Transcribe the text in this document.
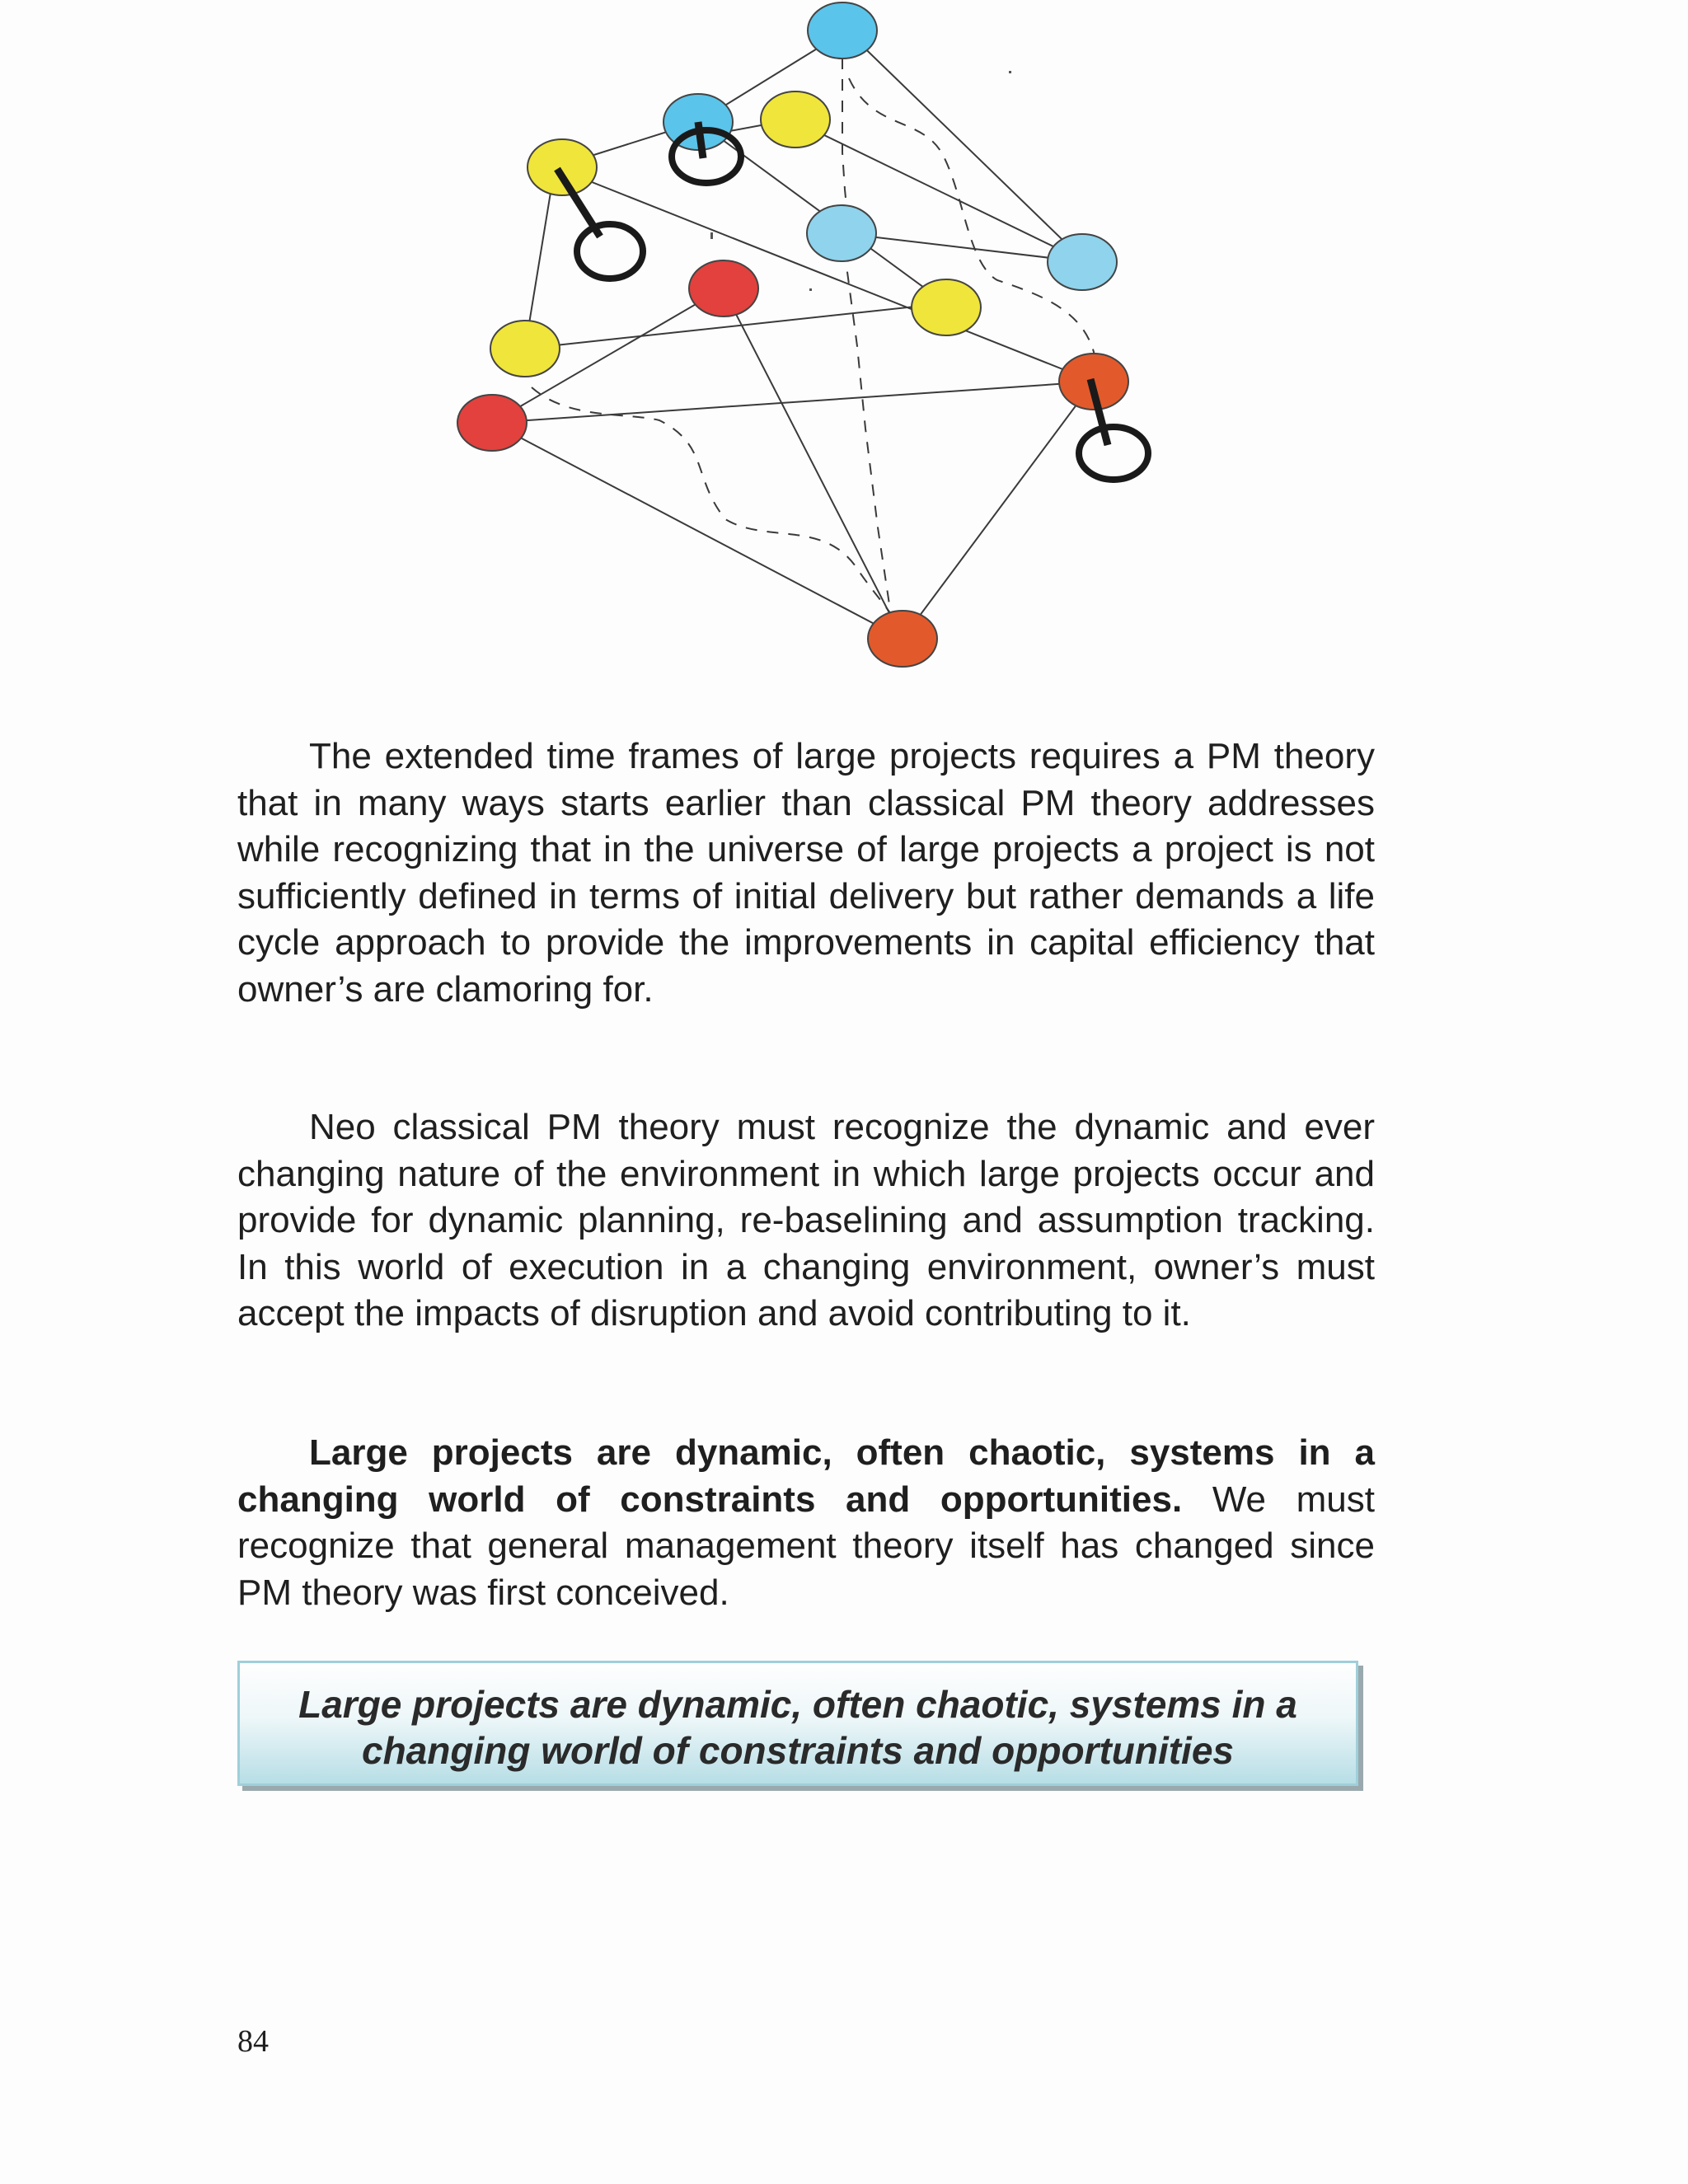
The extended time frames of large projects requires a PM theory that in many ways starts earlier than classical PM theory addresses while recognizing that in the universe of large projects a project is not sufficiently defined in terms of initial delivery but rather demands a life cycle approach to provide the improvements in capital efficiency that owner’s are clamoring for.

Neo classical PM theory must recognize the dynamic and ever changing nature of the environment in which large projects occur and provide for dynamic planning, re-baselining and assumption tracking. In this world of execution in a changing environment, owner’s must accept the impacts of disruption and avoid contributing to it.

Large projects are dynamic, often chaotic, systems in a changing world of constraints and opportunities. We must recognize that general management theory itself has changed since PM theory was first conceived.

Large projects are dynamic, often chaotic, systems in a changing world of constraints and opportunities

84
